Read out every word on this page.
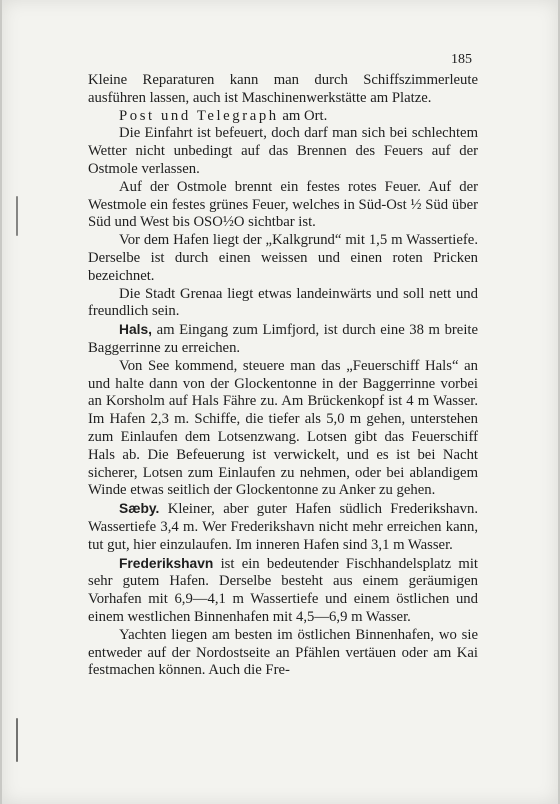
185

Kleine Reparaturen kann man durch Schiffszimmerleute ausführen lassen, auch ist Maschinenwerkstätte am Platze.

Post und Telegraph am Ort.

Die Einfahrt ist befeuert, doch darf man sich bei schlechtem Wetter nicht unbedingt auf das Brennen des Feuers auf der Ostmole verlassen.

Auf der Ostmole brennt ein festes rotes Feuer. Auf der Westmole ein festes grünes Feuer, welches in Süd-Ost ½ Süd über Süd und West bis OSO½O sichtbar ist.

Vor dem Hafen liegt der „Kalkgrund“ mit 1,5 m Wassertiefe. Derselbe ist durch einen weissen und einen roten Pricken bezeichnet.

Die Stadt Grenaa liegt etwas landeinwärts und soll nett und freundlich sein.

Hals, am Eingang zum Limfjord, ist durch eine 38 m breite Baggerrinne zu erreichen.

Von See kommend, steuere man das „Feuerschiff Hals“ an und halte dann von der Glockentonne in der Baggerrinne vorbei an Korsholm auf Hals Fähre zu. Am Brückenkopf ist 4 m Wasser. Im Hafen 2,3 m. Schiffe, die tiefer als 5,0 m gehen, unterstehen zum Einlaufen dem Lotsenzwang. Lotsen gibt das Feuerschiff Hals ab. Die Befeuerung ist verwickelt, und es ist bei Nacht sicherer, Lotsen zum Einlaufen zu nehmen, oder bei ablandigem Winde etwas seitlich der Glockentonne zu Anker zu gehen.

Sæby. Kleiner, aber guter Hafen südlich Frederikshavn. Wassertiefe 3,4 m. Wer Frederikshavn nicht mehr erreichen kann, tut gut, hier einzulaufen. Im inneren Hafen sind 3,1 m Wasser.

Frederikshavn ist ein bedeutender Fischhandelsplatz mit sehr gutem Hafen. Derselbe besteht aus einem geräumigen Vorhafen mit 6,9—4,1 m Wassertiefe und einem östlichen und einem westlichen Binnenhafen mit 4,5—6,9 m Wasser.

Yachten liegen am besten im östlichen Binnenhafen, wo sie entweder auf der Nordostseite an Pfählen vertäuen oder am Kai festmachen können. Auch die Fre-
